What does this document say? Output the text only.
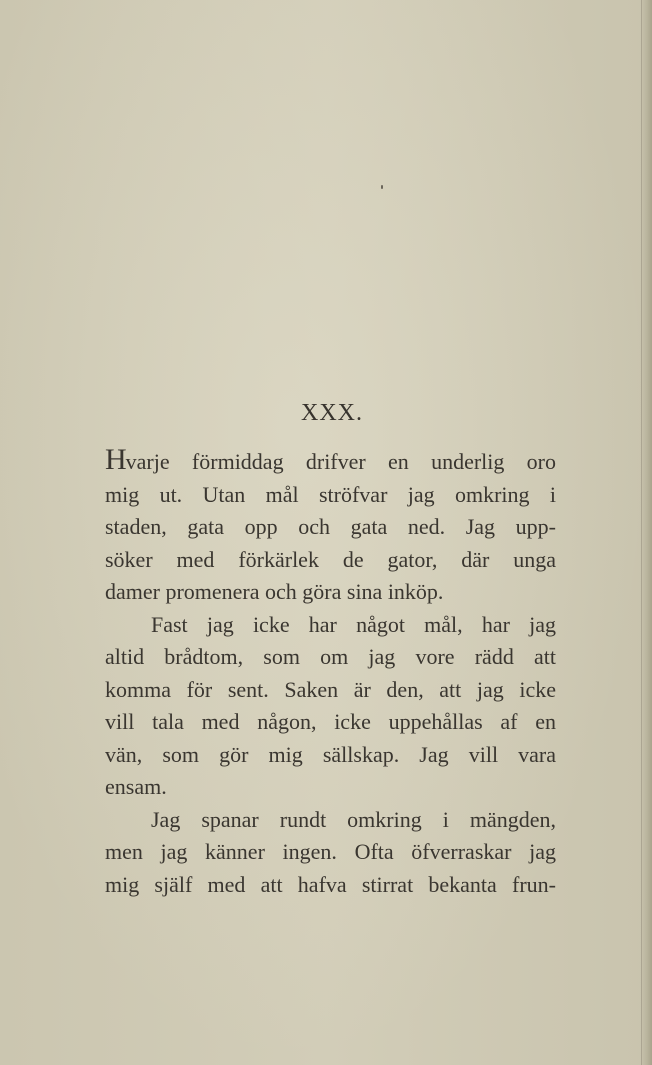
XXX.
Hvarje förmiddag drifver en underlig oro
mig ut. Utan mål ströfvar jag omkring i
staden, gata opp och gata ned. Jag upp-
söker med förkärlek de gator, där unga
damer promenera och göra sina inköp.
Fast jag icke har något mål, har jag
altid brådtom, som om jag vore rädd att
komma för sent. Saken är den, att jag icke
vill tala med någon, icke uppehållas af en
vän, som gör mig sällskap. Jag vill vara
ensam.
Jag spanar rundt omkring i mängden,
men jag känner ingen. Ofta öfverraskar jag
mig själf med att hafva stirrat bekanta frun-
